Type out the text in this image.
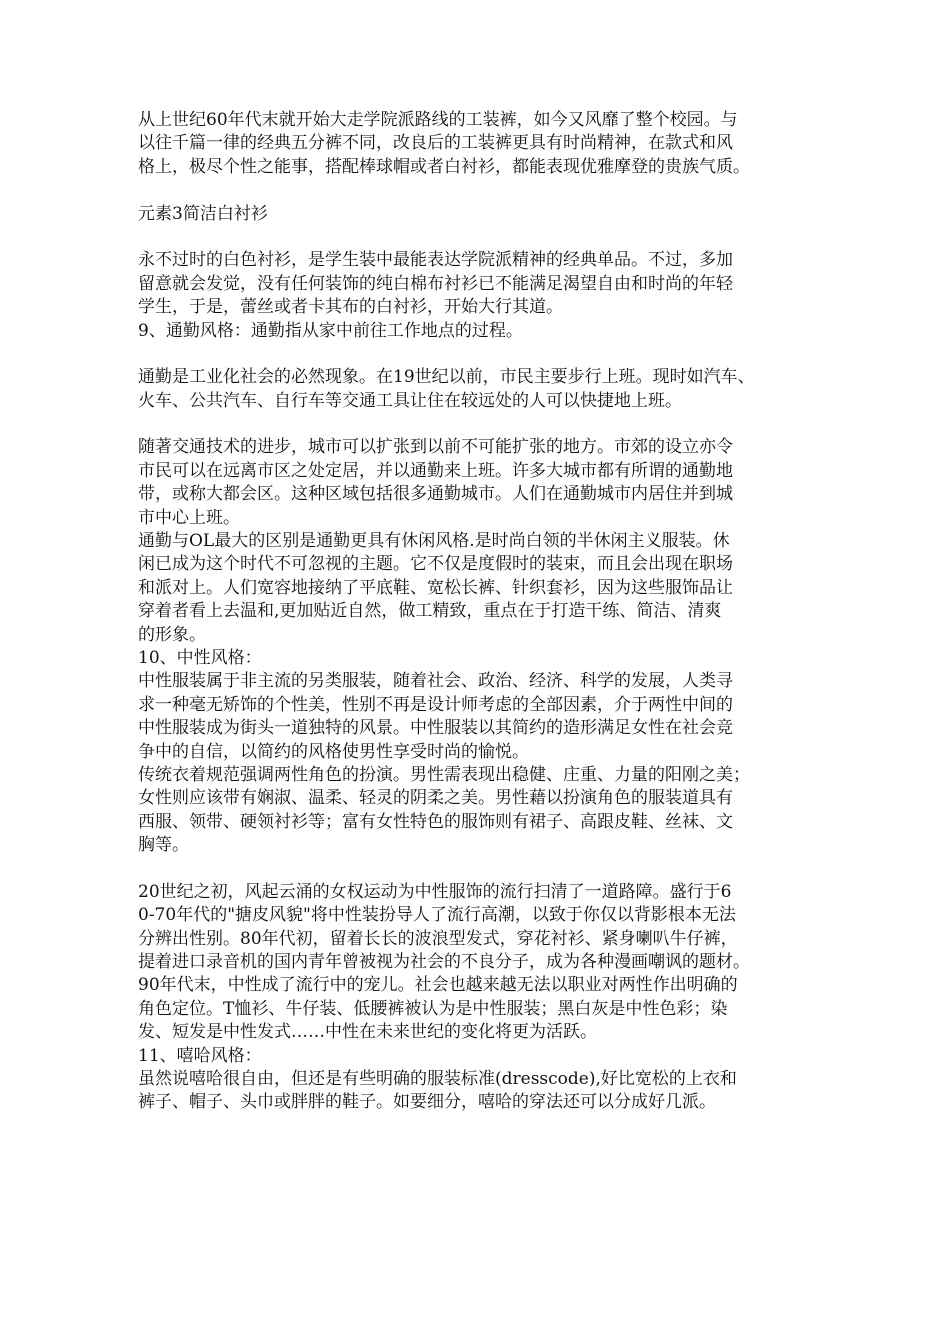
从上世纪60年代末就开始大走学院派路线的工装裤，如今又风靡了整个校园。与
以往千篇一律的经典五分裤不同，改良后的工装裤更具有时尚精神，在款式和风
格上，极尽个性之能事，搭配棒球帽或者白衬衫，都能表现优雅摩登的贵族气质。
元素3简洁白衬衫
永不过时的白色衬衫，是学生装中最能表达学院派精神的经典单品。不过，多加
留意就会发觉，没有任何装饰的纯白棉布衬衫已不能满足渴望自由和时尚的年轻
学生，于是，蕾丝或者卡其布的白衬衫，开始大行其道。
9、通勤风格：通勤指从家中前往工作地点的过程。
通勤是工业化社会的必然现象。在19世纪以前，市民主要步行上班。现时如汽车、
火车、公共汽车、自行车等交通工具让住在较远处的人可以快捷地上班。
随著交通技术的进步，城市可以扩张到以前不可能扩张的地方。市郊的设立亦令
市民可以在远离市区之处定居，并以通勤来上班。许多大城市都有所谓的通勤地
带，或称大都会区。这种区域包括很多通勤城市。人们在通勤城市内居住并到城
市中心上班。
通勤与OL最大的区别是通勤更具有休闲风格.是时尚白领的半休闲主义服装。休
闲已成为这个时代不可忽视的主题。它不仅是度假时的装束，而且会出现在职场
和派对上。人们宽容地接纳了平底鞋、宽松长裤、针织套衫，因为这些服饰品让
穿着者看上去温和,更加贴近自然，做工精致，重点在于打造干练、简洁、清爽
的形象。
10、中性风格：
中性服装属于非主流的另类服装，随着社会、政治、经济、科学的发展，人类寻
求一种毫无矫饰的个性美，性别不再是设计师考虑的全部因素，介于两性中间的
中性服装成为街头一道独特的风景。中性服装以其简约的造形满足女性在社会竞
争中的自信，以简约的风格使男性享受时尚的愉悦。
传统衣着规范强调两性角色的扮演。男性需表现出稳健、庄重、力量的阳刚之美；
女性则应该带有娴淑、温柔、轻灵的阴柔之美。男性藉以扮演角色的服装道具有
西服、领带、硬领衬衫等；富有女性特色的服饰则有裙子、高跟皮鞋、丝袜、文
胸等。
20世纪之初，风起云涌的女权运动为中性服饰的流行扫清了一道路障。盛行于6
0-70年代的"搪皮风貌"将中性装扮导人了流行高潮，以致于你仅以背影根本无法
分辨出性别。80年代初，留着长长的波浪型发式，穿花衬衫、紧身喇叭牛仔裤，
提着进口录音机的国内青年曾被视为社会的不良分子，成为各种漫画嘲讽的题材。
90年代末，中性成了流行中的宠儿。社会也越来越无法以职业对两性作出明确的
角色定位。T恤衫、牛仔装、低腰裤被认为是中性服装；黑白灰是中性色彩；染
发、短发是中性发式……中性在未来世纪的变化将更为活跃。
11、嘻哈风格：
虽然说嘻哈很自由，但还是有些明确的服装标准(dresscode),好比宽松的上衣和
裤子、帽子、头巾或胖胖的鞋子。如要细分，嘻哈的穿法还可以分成好几派。
